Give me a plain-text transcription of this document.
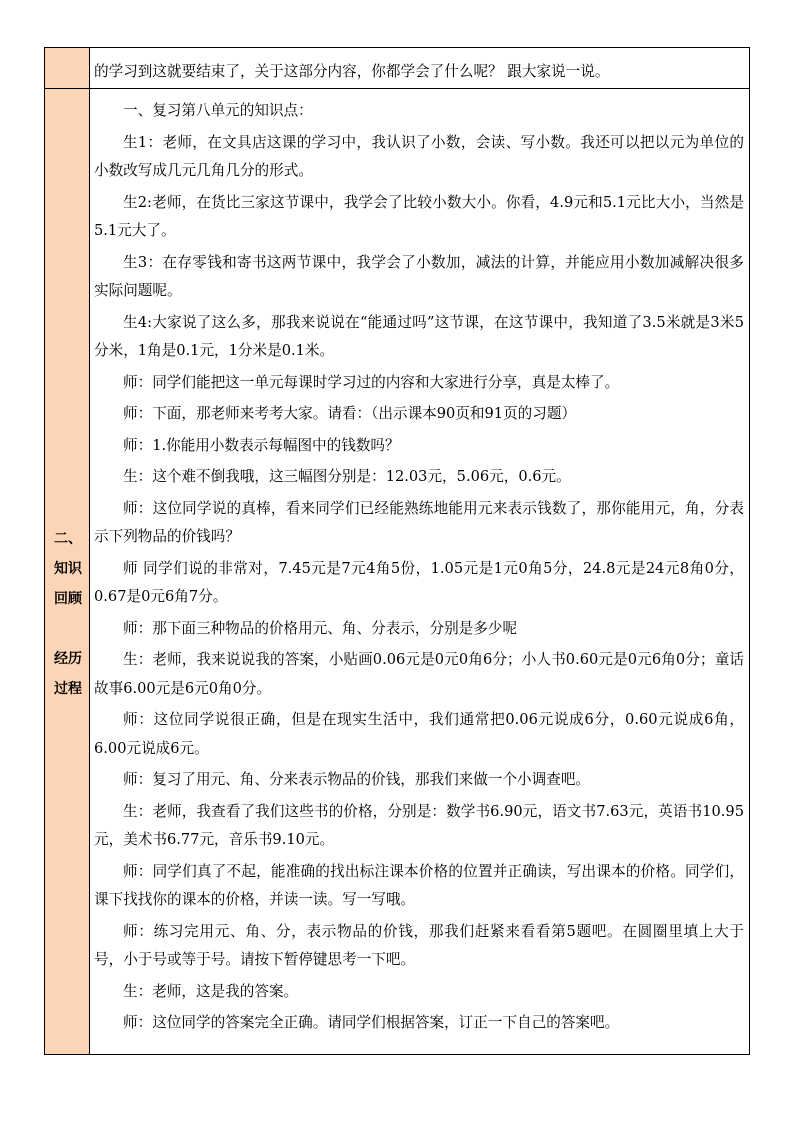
的学习到这就要结束了，关于这部分内容，你都学会了什么呢？ 跟大家说一说。

二、
知识
回顾
经历
过程

一、复习第八单元的知识点：

生1：老师，在文具店这课的学习中，我认识了小数，会读、写小数。我还可以把以元为单位的小数改写成几元几角几分的形式。

生2:老师，在货比三家这节课中，我学会了比较小数大小。你看，4.9元和5.1元比大小，当然是5.1元大了。

生3：在存零钱和寄书这两节课中，我学会了小数加，减法的计算，并能应用小数加减解决很多实际问题呢。

生4:大家说了这么多，那我来说说在“能通过吗”这节课，在这节课中，我知道了3.5米就是3米5分米，1角是0.1元，1分米是0.1米。

师：同学们能把这一单元每课时学习过的内容和大家进行分享，真是太棒了。

师：下面，那老师来考考大家。请看：（出示课本90页和91页的习题）

师：1.你能用小数表示每幅图中的钱数吗？

生：这个难不倒我哦，这三幅图分别是：12.03元，5.06元，0.6元。

师：这位同学说的真棒，看来同学们已经能熟练地能用元来表示钱数了，那你能用元，角，分表示下列物品的价钱吗？

师 同学们说的非常对，7.45元是7元4角5份，1.05元是1元0角5分，24.8元是24元8角0分，0.67是0元6角7分。

师：那下面三种物品的价格用元、角、分表示，分别是多少呢

生：老师，我来说说我的答案，小贴画0.06元是0元0角6分；小人书0.60元是0元6角0分；童话故事6.00元是6元0角0分。

师：这位同学说很正确，但是在现实生活中，我们通常把0.06元说成6分，0.60元说成6角，6.00元说成6元。

师：复习了用元、角、分来表示物品的价钱，那我们来做一个小调查吧。

生：老师，我查看了我们这些书的价格，分别是：数学书6.90元，语文书7.63元，英语书10.95元，美术书6.77元，音乐书9.10元。

师：同学们真了不起，能准确的找出标注课本价格的位置并正确读，写出课本的价格。同学们，课下找找你的课本的价格，并读一读。写一写哦。

师：练习完用元、角、分，表示物品的价钱，那我们赶紧来看看第5题吧。在圆圈里填上大于号，小于号或等于号。请按下暂停键思考一下吧。

生：老师，这是我的答案。

师：这位同学的答案完全正确。请同学们根据答案，订正一下自己的答案吧。
